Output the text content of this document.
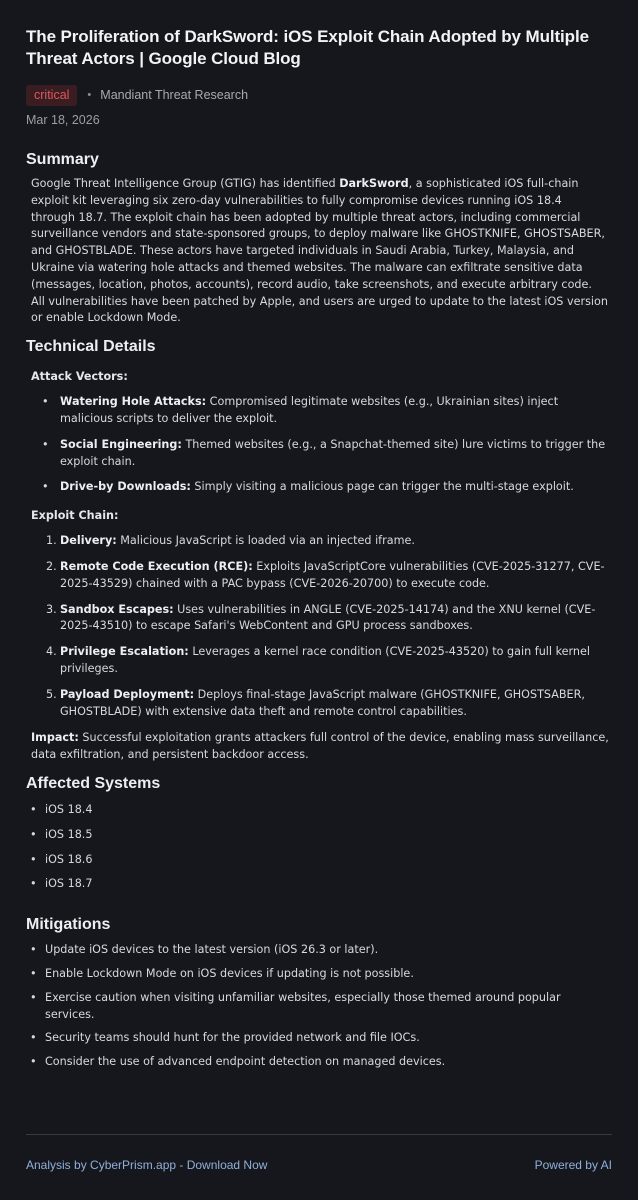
The Proliferation of DarkSword: iOS Exploit Chain Adopted by Multiple Threat Actors | Google Cloud Blog
critical	• Mandiant Threat Research
Mar 18, 2026
Summary

Google Threat Intelligence Group (GTIG) has identified DarkSword, a sophisticated iOS full-chain exploit kit leveraging six zero-day vulnerabilities to fully compromise devices running iOS 18.4 through 18.7. The exploit chain has been adopted by multiple threat actors, including commercial surveillance vendors and state-sponsored groups, to deploy malware like GHOSTKNIFE, GHOSTSABER, and GHOSTBLADE. These actors have targeted individuals in Saudi Arabia, Turkey, Malaysia, and Ukraine via watering hole attacks and themed websites. The malware can exfiltrate sensitive data (messages, location, photos, accounts), record audio, take screenshots, and execute arbitrary code. All vulnerabilities have been patched by Apple, and users are urged to update to the latest iOS version or enable Lockdown Mode.

Technical Details
Attack Vectors:
• Watering Hole Attacks: Compromised legitimate websites (e.g., Ukrainian sites) inject malicious scripts to deliver the exploit.
• Social Engineering: Themed websites (e.g., a Snapchat-themed site) lure victims to trigger the exploit chain.
• Drive-by Downloads: Simply visiting a malicious page can trigger the multi-stage exploit.
Exploit Chain:
1. Delivery: Malicious JavaScript is loaded via an injected iframe.
2. Remote Code Execution (RCE): Exploits JavaScriptCore vulnerabilities (CVE-2025-31277, CVE-2025-43529) chained with a PAC bypass (CVE-2026-20700) to execute code.
3. Sandbox Escapes: Uses vulnerabilities in ANGLE (CVE-2025-14174) and the XNU kernel (CVE-2025-43510) to escape Safari's WebContent and GPU process sandboxes.
4. Privilege Escalation: Leverages a kernel race condition (CVE-2025-43520) to gain full kernel privileges.
5. Payload Deployment: Deploys final-stage JavaScript malware (GHOSTKNIFE, GHOSTSABER, GHOSTBLADE) with extensive data theft and remote control capabilities.

Impact: Successful exploitation grants attackers full control of the device, enabling mass surveillance, data exfiltration, and persistent backdoor access.

Affected Systems
• iOS 18.4
• iOS 18.5
• iOS 18.6
• iOS 18.7
Mitigations
• Update iOS devices to the latest version (iOS 26.3 or later).
• Enable Lockdown Mode on iOS devices if updating is not possible.
• Exercise caution when visiting unfamiliar websites, especially those themed around popular services.
• Security teams should hunt for the provided network and file IOCs.
• Consider the use of advanced endpoint detection on managed devices.
Analysis by CyberPrism.app - Download Now	Powered by AI
